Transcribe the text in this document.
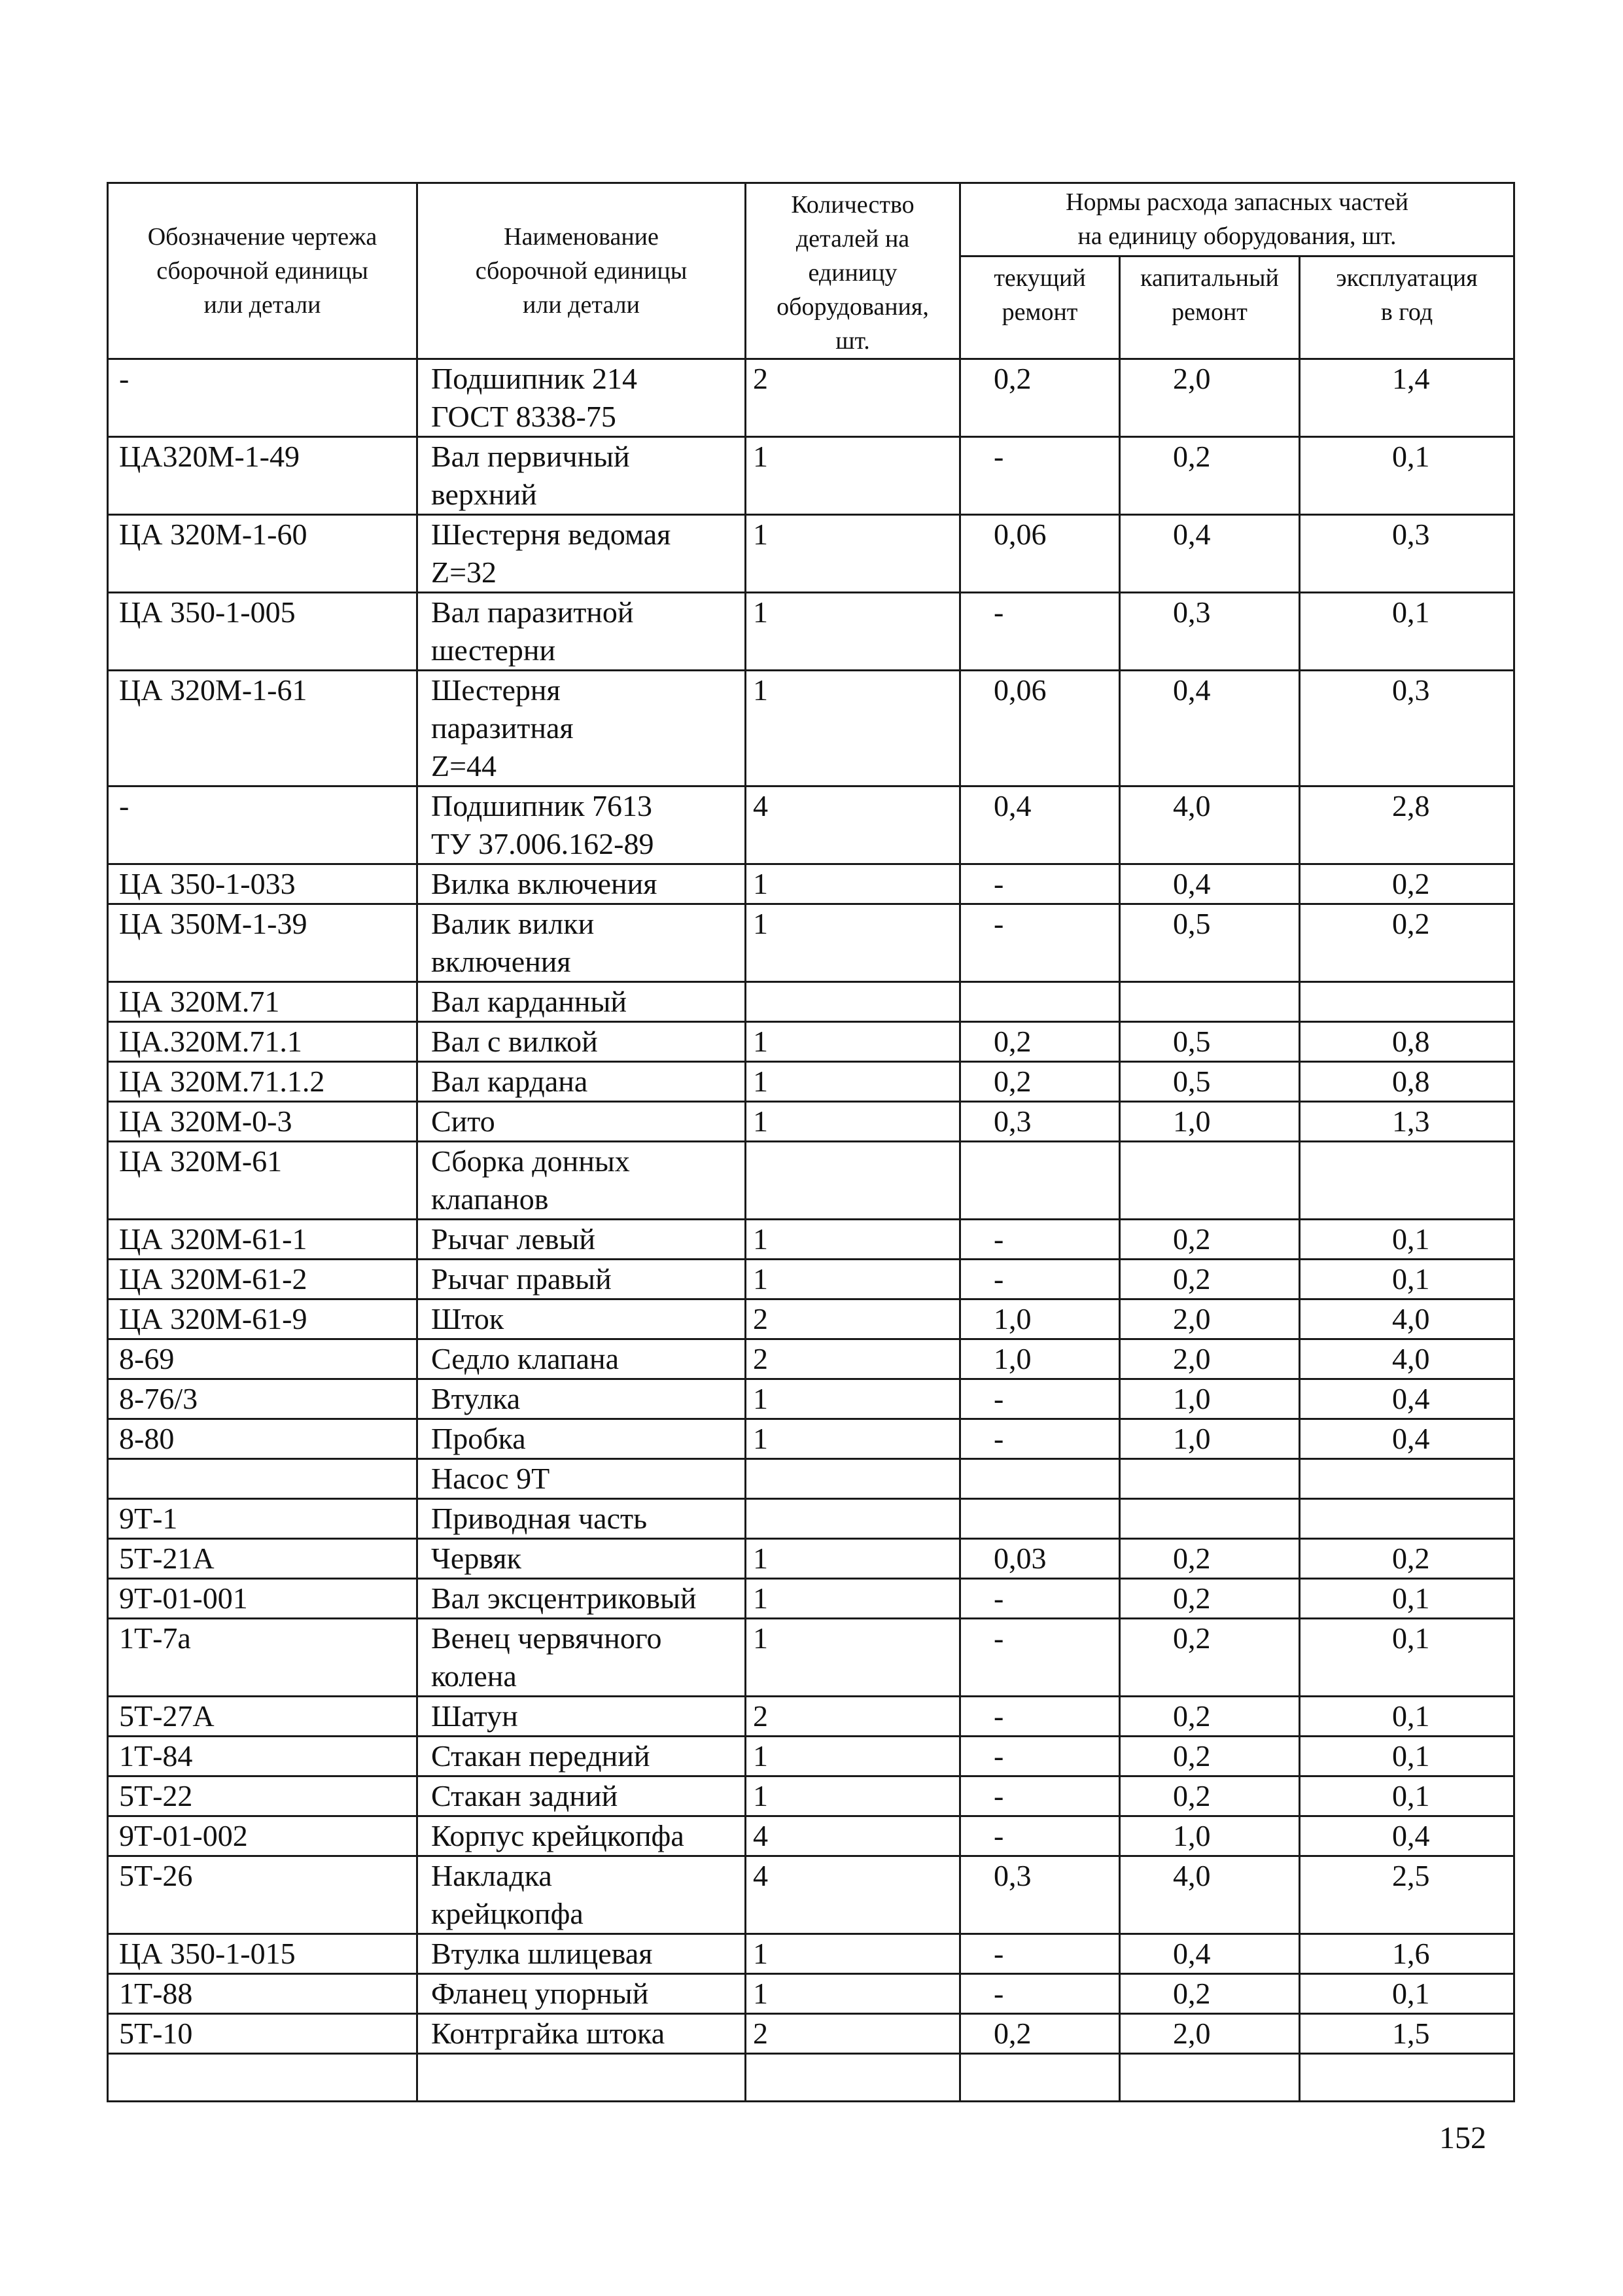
Обозначение чертежа
сборочной единицы
или детали	Наименование
сборочной единицы
или детали	Количество
деталей на
единицу
оборудования,
шт.	Нормы расхода запасных частей
на единицу оборудования, шт.		

			текущий
ремонт	капитальный
ремонт	эксплуатация
в год

-	Подшипник 214
ГОСТ 8338-75	2	0,2	2,0	1,4
ЦА320М-1-49	Вал первичный
верхний	1	-	0,2	0,1
ЦА 320М-1-60	Шестерня ведомая
Z=32	1	0,06	0,4	0,3
ЦА 350-1-005	Вал паразитной
шестерни	1	-	0,3	0,1
ЦА 320М-1-61	Шестерня
паразитная
Z=44	1	0,06	0,4	0,3
-	Подшипник 7613
ТУ 37.006.162-89	4	0,4	4,0	2,8
ЦА 350-1-033	Вилка включения	1	-	0,4	0,2
ЦА 350М-1-39	Валик вилки
включения	1	-	0,5	0,2
ЦА 320М.71	Вал карданный				
ЦА.320М.71.1	Вал с вилкой	1	0,2	0,5	0,8
ЦА 320М.71.1.2	Вал кардана	1	0,2	0,5	0,8
ЦА 320М-0-3	Сито	1	0,3	1,0	1,3
ЦА 320М-61	Сборка донных
клапанов				
ЦА 320М-61-1	Рычаг левый	1	-	0,2	0,1
ЦА 320М-61-2	Рычаг правый	1	-	0,2	0,1
ЦА 320М-61-9	Шток	2	1,0	2,0	4,0
8-69	Седло клапана	2	1,0	2,0	4,0
8-76/3	Втулка	1	-	1,0	0,4
8-80	Пробка	1	-	1,0	0,4
	Насос 9Т				
9Т-1	Приводная часть				
5Т-21А	Червяк	1	0,03	0,2	0,2
9Т-01-001	Вал эксцентриковый	1	-	0,2	0,1
1Т-7а	Венец червячного
колена	1	-	0,2	0,1
5Т-27А	Шатун	2	-	0,2	0,1
1Т-84	Стакан передний	1	-	0,2	0,1
5Т-22	Стакан задний	1	-	0,2	0,1
9Т-01-002	Корпус крейцкопфа	4	-	1,0	0,4
5Т-26	Накладка
крейцкопфа	4	0,3	4,0	2,5
ЦА 350-1-015	Втулка шлицевая	1	-	0,4	1,6
1Т-88	Фланец упорный	1	-	0,2	0,1
5Т-10	Контргайка штока	2	0,2	2,0	1,5

152
